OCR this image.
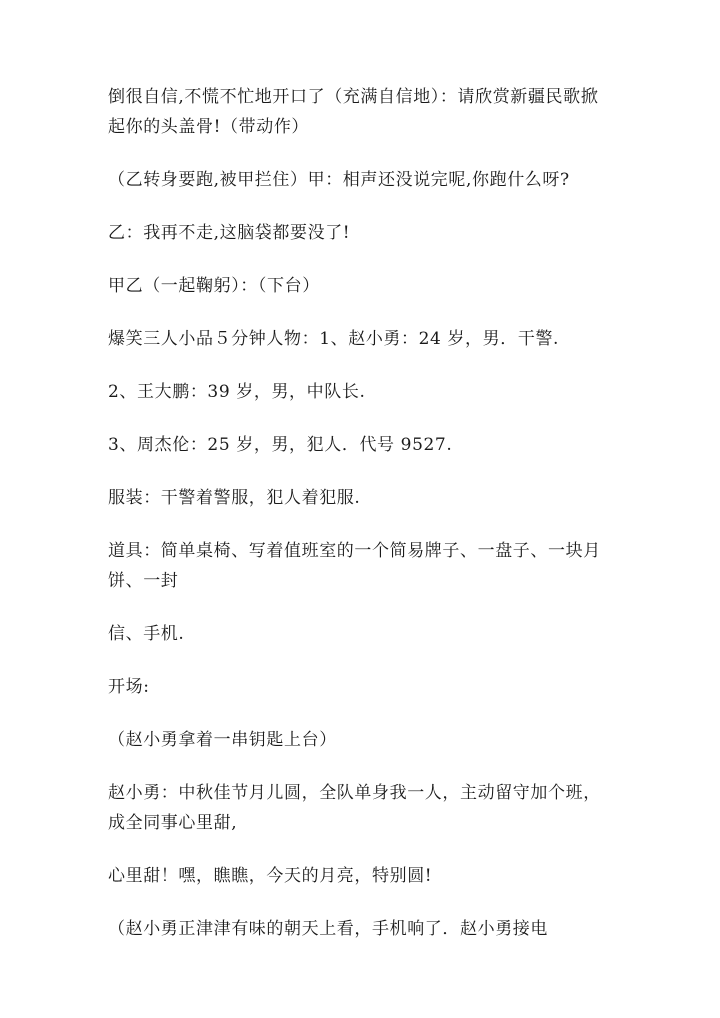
倒很自信,不慌不忙地开口了（充满自信地）：请欣赏新疆民歌掀起你的头盖骨!（带动作）

（乙转身要跑,被甲拦住）甲：相声还没说完呢,你跑什么呀?

乙：我再不走,这脑袋都要没了!

甲乙（一起鞠躬）：（下台）

爆笑三人小品５分钟人物：1、赵小勇：24 岁，男．干警.

2、王大鹏：39 岁，男，中队长.

3、周杰伦：25 岁，男，犯人．代号 9527.

服装：干警着警服，犯人着犯服.

道具：简单桌椅、写着值班室的一个简易牌子、一盘子、一块月饼、一封

信、手机.

开场:

（赵小勇拿着一串钥匙上台）

赵小勇：中秋佳节月儿圆，全队单身我一人，主动留守加个班，成全同事心里甜,

心里甜！嘿，瞧瞧，今天的月亮，特别圆!

（赵小勇正津津有味的朝天上看，手机响了．赵小勇接电
